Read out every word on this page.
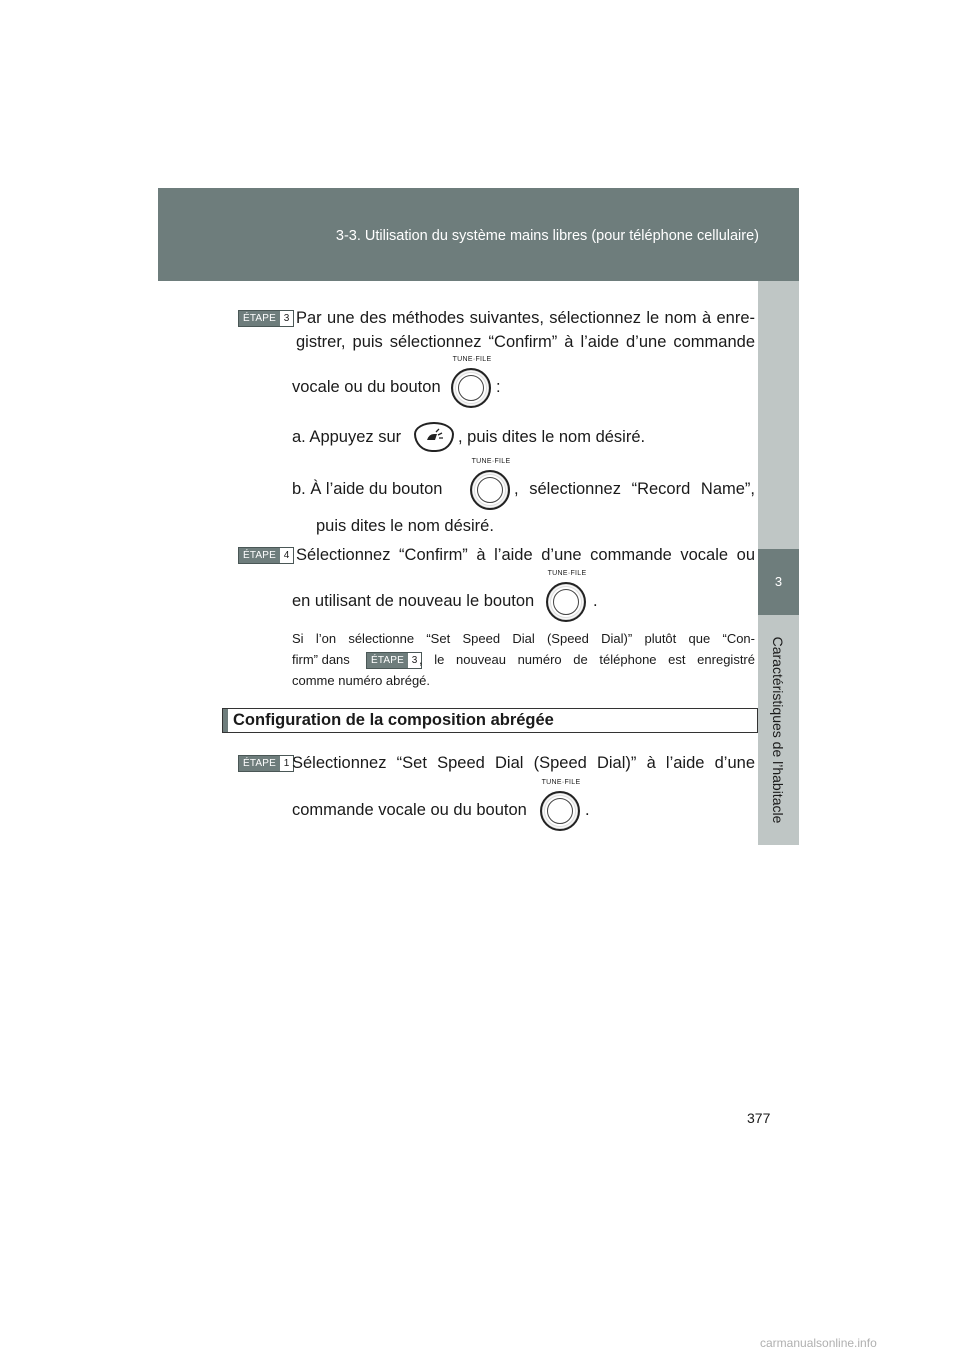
3-3. Utilisation du système mains libres (pour téléphone cellulaire)
3
Caractéristiques de l’habitacle
ÉTAPE 3 Par une des méthodes suivantes, sélectionnez le nom à enre-
gistrer, puis sélectionnez “Confirm” à l’aide d’une commande
vocale ou du bouton
TUNE·FILE
:
a. Appuyez sur	, puis dites le nom désiré.
b. À l’aide du bouton
TUNE·FILE
, sélectionnez “Record Name”,
puis dites le nom désiré.
ÉTAPE 4 Sélectionnez “Confirm” à l’aide d’une commande vocale ou
en utilisant de nouveau le bouton
TUNE·FILE
.
Si l’on sélectionne “Set Speed Dial (Speed Dial)” plutôt que “Con-
firm” dans	ÉTAPE 3 , le nouveau numéro de téléphone est enregistré
comme numéro abrégé.
Configuration de la composition abrégée
ÉTAPE 1 Sélectionnez “Set Speed Dial (Speed Dial)” à l’aide d’une
commande vocale ou du bouton
TUNE·FILE
.
377
carmanualsonline.info
